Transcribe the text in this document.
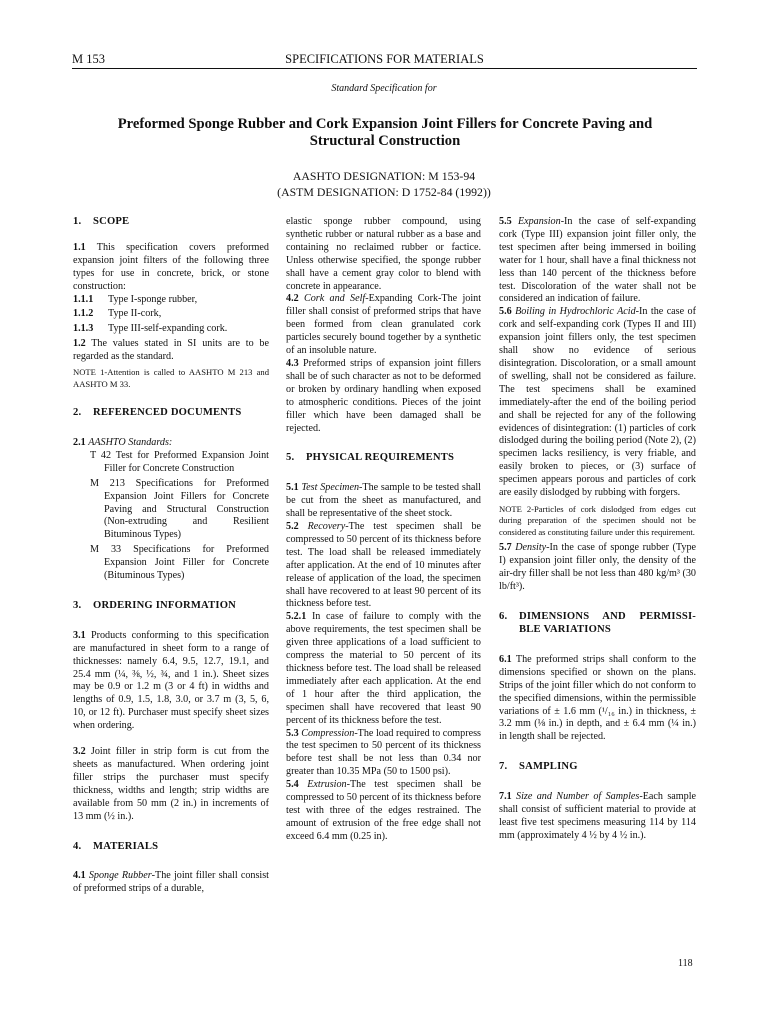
M 153	SPECIFICATIONS FOR MATERIALS
Standard Specification for
Preformed Sponge Rubber and Cork Expansion Joint Fillers for Concrete Paving and Structural Construction
AASHTO DESIGNATION: M 153-94
(ASTM DESIGNATION: D 1752-84 (1992))
1. SCOPE

1.1 This specification covers preformed expansion joint filters of the following three types for use in concrete, brick, or stone construction:

1.1.1	Type I-sponge rubber,
1.1.2	Type II-cork,
1.1.3	Type III-self-expanding cork.

1.2 The values stated in SI units are to be regarded as the standard.

NOTE 1-Attention is called to AASHTO M 213 and AASHTO M 33.

2. REFERENCED DOCUMENTS

2.1 AASHTO Standards:

T 42 Test for Preformed Expansion Joint Filler for Concrete Construction
M 213 Specifications for Preformed Expansion Joint Fillers for Concrete Paving and Structural Construction (Non-extruding and Resilient Bituminous Types)
M 33 Specifications for Preformed Expansion Joint Filler for Concrete (Bituminous Types)
3. ORDERING INFORMATION

3.1 Products conforming to this specification are manufactured in sheet form to a range of thicknesses: namely 6.4, 9.5, 12.7, 19.1, and 25.4 mm (¼, ⅜, ½, ¾, and 1 in.). Sheet sizes may be 0.9 or 1.2 m (3 or 4 ft) in widths and lengths of 0.9, 1.5, 1.8, 3.0, or 3.7 m (3, 5, 6, 10, or 12 ft). Purchaser must specify sheet sizes when ordering.

3.2 Joint filler in strip form is cut from the sheets as manufactured. When ordering joint filler strips the purchaser must specify thickness, widths and length; strip widths are available from 50 mm (2 in.) in increments of 13 mm (½ in.).

4. MATERIALS

4.1 Sponge Rubber-The joint filler shall consist of preformed strips of a durable,

elastic sponge rubber compound, using synthetic rubber or natural rubber as a base and containing no reclaimed rubber or factice. Unless otherwise specified, the sponge rubber shall have a cement gray color to blend with concrete in appearance.

4.2 Cork and Self-Expanding Cork-The joint filler shall consist of preformed strips that have been formed from clean granulated cork particles securely bound together by a synthetic of an insoluble nature.

4.3 Preformed strips of expansion joint fillers shall be of such character as not to be deformed or broken by ordinary handling when exposed to atmospheric conditions. Pieces of the joint filler which have been damaged shall be rejected.

5. PHYSICAL REQUIREMENTS

5.1 Test Specimen-The sample to be tested shall be cut from the sheet as manufactured, and shall be representative of the sheet stock.

5.2 Recovery-The test specimen shall be compressed to 50 percent of its thickness before test. The load shall be released immediately after application. At the end of 10 minutes after release of application of the load, the specimen shall have recovered to at least 90 percent of its thickness before test.

5.2.1 In case of failure to comply with the above requirements, the test specimen shall be given three applications of a load sufficient to compress the material to 50 percent of its thickness before test. The load shall be released immediately after each application. At the end of 1 hour after the third application, the specimen shall have recovered that least 90 percent of its thickness before the test.

5.3 Compression-The load required to compress the test specimen to 50 percent of its thickness before test shall be not less than 0.34 nor greater than 10.35 MPa (50 to 1500 psi).

5.4 Extrusion-The test specimen shall be compressed to 50 percent of its thickness before test with three of the edges restrained. The amount of extrusion of the free edge shall not exceed 6.4 mm (0.25 in).

5.5 Expansion-In the case of self-expanding cork (Type III) expansion joint filler only, the test specimen after being immersed in boiling water for 1 hour, shall have a final thickness not less than 140 percent of the thickness before test. Discoloration of the water shall not be considered an indication of failure.

5.6 Boiling in Hydrochloric Acid-In the case of cork and self-expanding cork (Types II and III) expansion joint fillers only, the test specimen shall show no evidence of serious disintegration. Discoloration, or a small amount of swelling, shall not be considered as failure. The test specimens shall be examined immediately-after the end of the boiling period and shall be rejected for any of the following evidences of disintegration: (1) particles of cork dislodged during the boiling period (Note 2), (2) specimen lacks resiliency, is very friable, and easily broken to pieces, or (3) surface of specimen appears porous and particles of cork are easily dislodged by rubbing with forgers.

NOTE 2-Particles of cork dislodged from edges cut during preparation of the specimen should not be considered as constituting failure under this requirement.

5.7 Density-In the case of sponge rubber (Type I) expansion joint filler only, the density of the air-dry filler shall be not less than 480 kg/m³ (30 lb/ft³).

6.	DIMENSIONS AND PERMISSI-BLE VARIATIONS

6.1 The preformed strips shall conform to the dimensions specified or shown on the plans. Strips of the joint filler which do not conform to the specified dimensions, within the permissible variations of ± 1.6 mm (¹/₁₆ in.) in thickness, ± 3.2 mm (⅛ in.) in depth, and ± 6.4 mm (¼ in.) in length shall be rejected.

7. SAMPLING

7.1 Size and Number of Samples-Each sample shall consist of sufficient material to provide at least five test specimens measuring 114 by 114 mm (approximately 4 ½ by 4 ½ in.).

118
